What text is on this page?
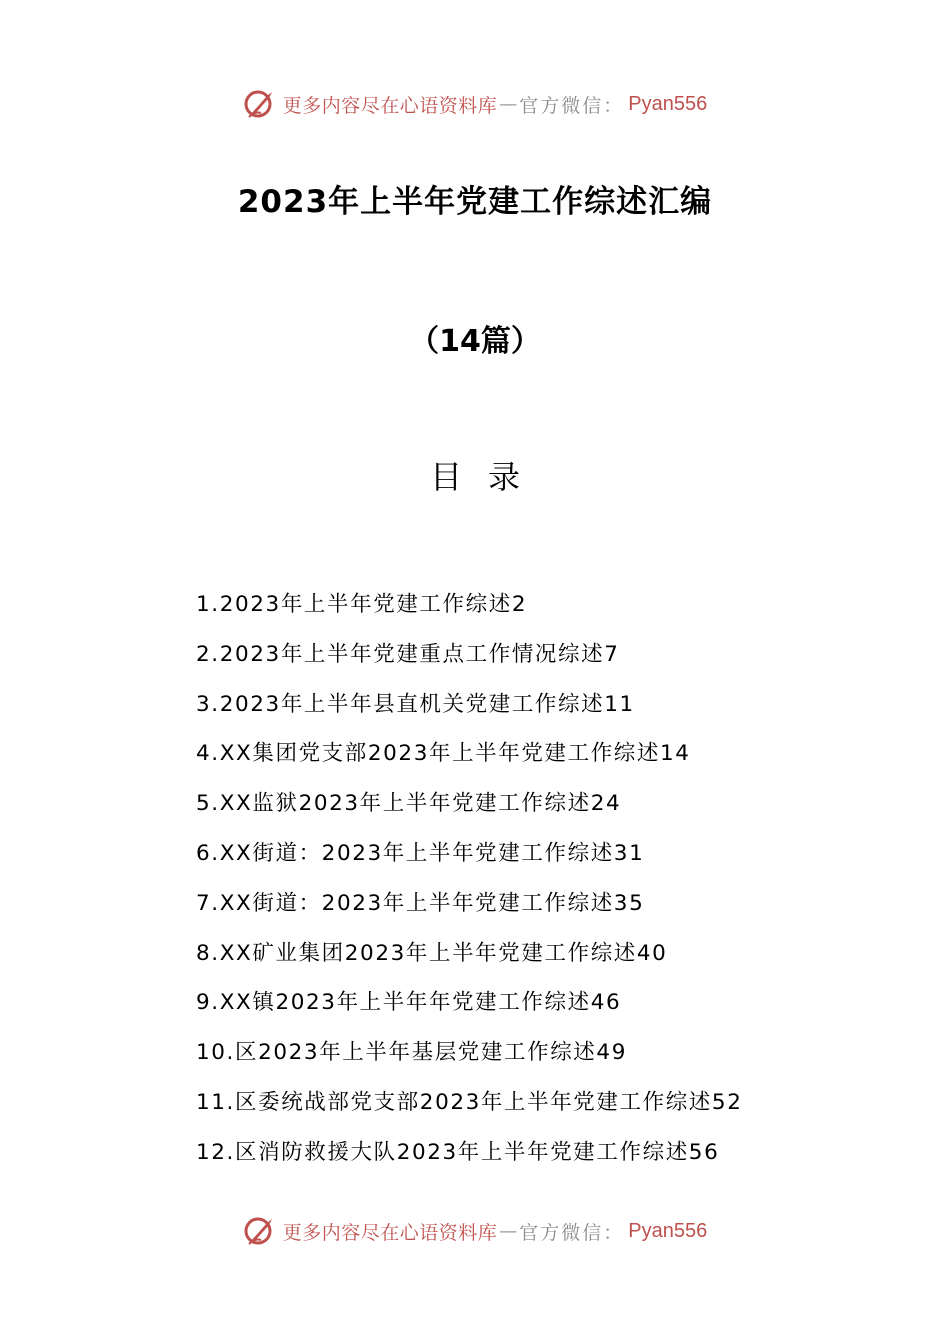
更多内容尽在心语资料库 — 官方微信： Pyan556
2023年上半年党建工作综述汇编
（14篇）
目录
1.2023年上半年党建工作综述2
2.2023年上半年党建重点工作情况综述7
3.2023年上半年县直机关党建工作综述11
4.XX集团党支部2023年上半年党建工作综述14
5.XX监狱2023年上半年党建工作综述24
6.XX街道：2023年上半年党建工作综述31
7.XX街道：2023年上半年党建工作综述35
8.XX矿业集团2023年上半年党建工作综述40
9.XX镇2023年上半年年党建工作综述46
10.区2023年上半年基层党建工作综述49
11.区委统战部党支部2023年上半年党建工作综述52
12.区消防救援大队2023年上半年党建工作综述56
更多内容尽在心语资料库 — 官方微信： Pyan556
